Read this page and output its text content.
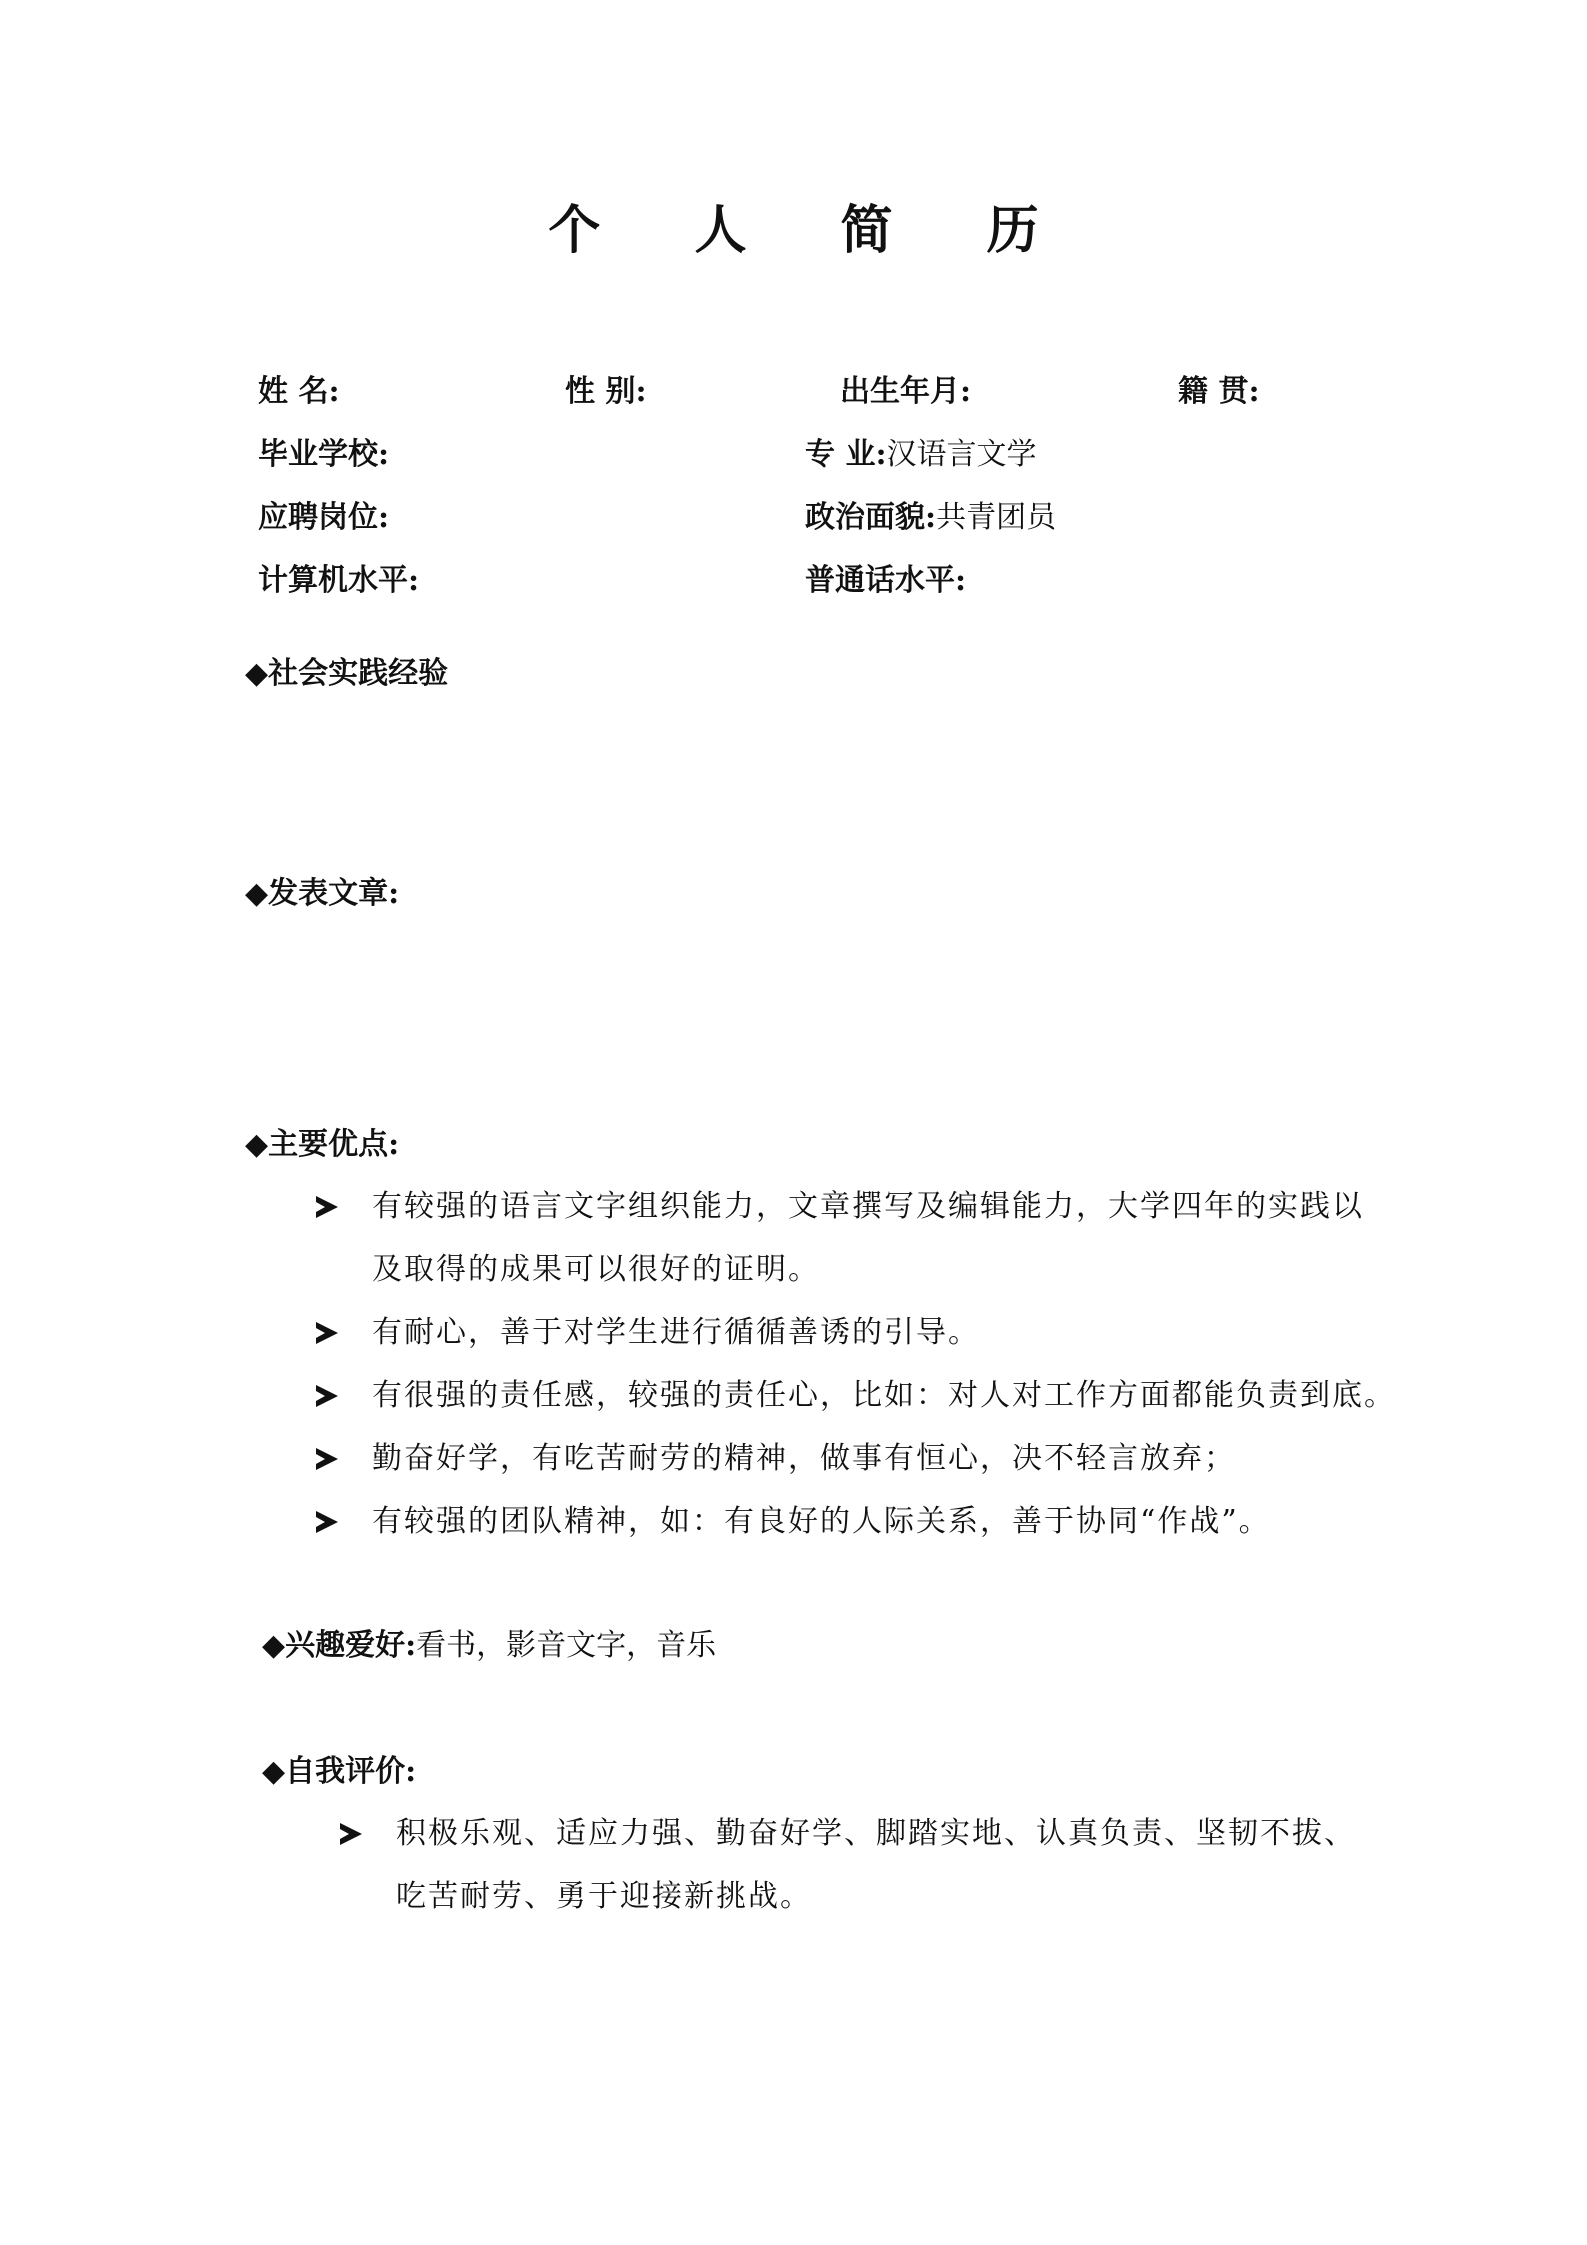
个 人 简 历
姓 名:	性 别:	出生年月:	籍 贯:
毕业学校:	专 业:汉语言文学
应聘岗位:	政治面貌:共青团员
计算机水平:	普通话水平:
◆社会实践经验
◆发表文章:
◆主要优点:
有较强的语言文字组织能力，文章撰写及编辑能力，大学四年的实践以
及取得的成果可以很好的证明。
有耐心，善于对学生进行循循善诱的引导。
有很强的责任感，较强的责任心，比如：对人对工作方面都能负责到底。
勤奋好学，有吃苦耐劳的精神，做事有恒心，决不轻言放弃；
有较强的团队精神，如：有良好的人际关系，善于协同“作战”。
◆兴趣爱好:看书，影音文字，音乐
◆自我评价:
积极乐观、适应力强、勤奋好学、脚踏实地、认真负责、坚韧不拔、
吃苦耐劳、勇于迎接新挑战。
